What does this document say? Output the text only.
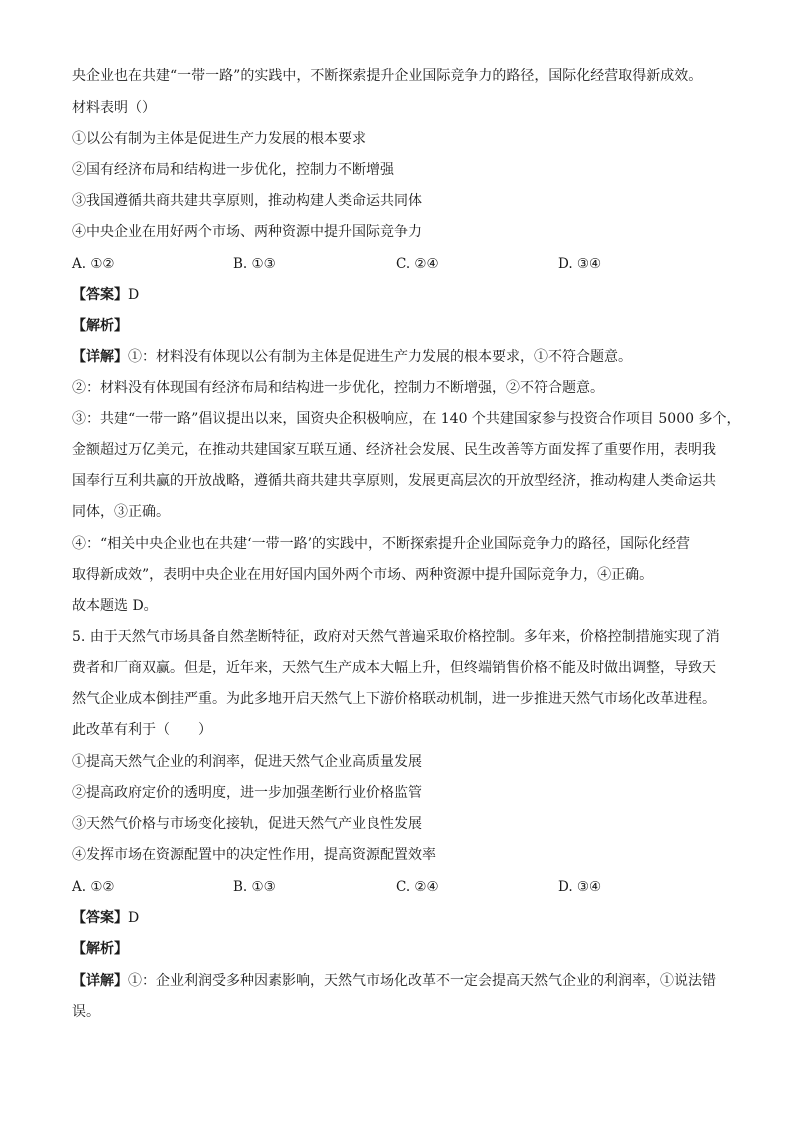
央企业也在共建“一带一路”的实践中，不断探索提升企业国际竞争力的路径，国际化经营取得新成效。
材料表明（）
①以公有制为主体是促进生产力发展的根本要求
②国有经济布局和结构进一步优化，控制力不断增强
③我国遵循共商共建共享原则，推动构建人类命运共同体
④中央企业在用好两个市场、两种资源中提升国际竞争力
A. ①②	B. ①③	C. ②④	D. ③④
【答案】D
【解析】
【详解】①：材料没有体现以公有制为主体是促进生产力发展的根本要求，①不符合题意。
②：材料没有体现国有经济布局和结构进一步优化，控制力不断增强，②不符合题意。
③：共建“一带一路”倡议提出以来，国资央企积极响应，在 140 个共建国家参与投资合作项目 5000 多个，
金额超过万亿美元，在推动共建国家互联互通、经济社会发展、民生改善等方面发挥了重要作用，表明我
国奉行互利共赢的开放战略，遵循共商共建共享原则，发展更高层次的开放型经济，推动构建人类命运共
同体，③正确。
④：“相关中央企业也在共建‘一带一路’的实践中，不断探索提升企业国际竞争力的路径，国际化经营
取得新成效”，表明中央企业在用好国内国外两个市场、两种资源中提升国际竞争力，④正确。
故本题选 D。
5. 由于天然气市场具备自然垄断特征，政府对天然气普遍采取价格控制。多年来，价格控制措施实现了消
费者和厂商双赢。但是，近年来，天然气生产成本大幅上升，但终端销售价格不能及时做出调整，导致天
然气企业成本倒挂严重。为此多地开启天然气上下游价格联动机制，进一步推进天然气市场化改革进程。
此改革有利于（　　）
①提高天然气企业的利润率，促进天然气企业高质量发展
②提高政府定价的透明度，进一步加强垄断行业价格监管
③天然气价格与市场变化接轨，促进天然气产业良性发展
④发挥市场在资源配置中的决定性作用，提高资源配置效率
A. ①②	B. ①③	C. ②④	D. ③④
【答案】D
【解析】
【详解】①：企业利润受多种因素影响，天然气市场化改革不一定会提高天然气企业的利润率，①说法错
误。
